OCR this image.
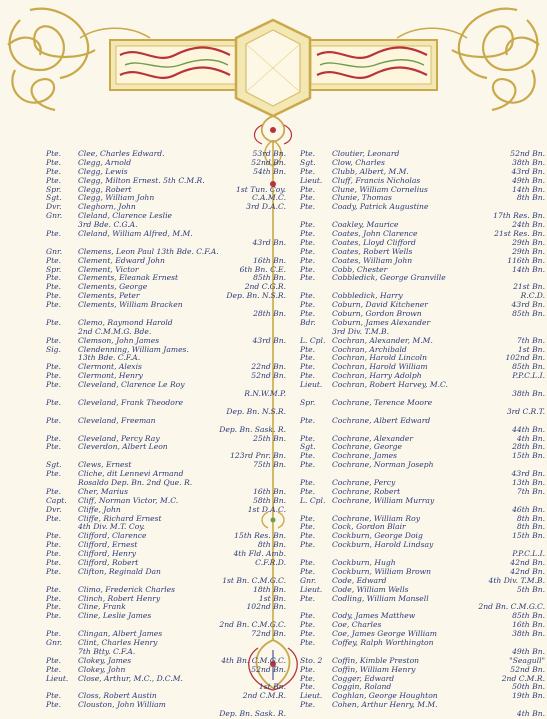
Pte.	Clee, Charles Edward.	53rd Bn.
Pte.	Clegg, Arnold	52nd Bn.
Pte.	Clegg, Lewis	54th Bn.
Pte.	Clegg, Milton Ernest. 5th C.M.R.
Spr.	Clegg, Robert	1st Tun. Coy.
Sgt.	Clegg, William John	C.A.M.C.
Dvr.	Cleghorn, John	3rd D.A.C.
Gnr.	Cleland, Clarence Leslie
3rd Bde. C.G.A.
Pte.	Cleland, William Alfred, M.M.
43rd Bn.
Gnr.	Clemens, Leon Paul 13th Bde. C.F.A.
Pte.	Clement, Edward John	16th Bn.
Spr.	Clement, Victor	6th Bn. C.E.
Pte.	Clements, Eleanak Ernest	85th Bn.
Pte.	Clements, George	2nd C.G.R.
Pte.	Clements, Peter	Dep. Bn. N.S.R.
Pte.	Clements, William Bracken
28th Bn.
Pte.	Clemo, Raymond Harold
2nd C.M.M.G. Bde.
Pte.	Clemson, John James	43rd Bn.
Sig.	Clendenning, William James.
13th Bde. C.F.A.
Pte.	Clermont, Alexis	22nd Bn.
Pte.	Clermont, Henry	52nd Bn.
Pte.	Cleveland, Clarence Le Roy
R.N.W.M.P.
Pte.	Cleveland, Frank Theodore
Dep. Bn. N.S.R.
Pte.	Cleveland, Freeman
Dep. Bn. Sask. R.
Pte.	Cleveland, Percy Ray	25th Bn.
Pte.	Cleverdon, Albert Leon
123rd Pnr. Bn.
Sgt.	Clews, Ernest	75th Bn.
Pte.	Cliche, dit Lennevi Armand
Rosaldo Dep. Bn. 2nd Que. R.
Pte.	Cher, Marius	16th Bn.
Capt.	Cliff, Norman Victor, M.C.	58th Bn.
Dvr.	Cliffe, John	1st D.A.C.
Pte.	Cliffe, Richard Ernest
4th Div. M.T. Coy.
Pte.	Clifford, Clarence	15th Res. Bn.
Pte.	Clifford, Ernest	8th Bn.
Pte.	Clifford, Henry	4th Fld. Amb.
Pte.	Clifford, Robert	C.F.R.D.
Pte.	Clifton, Reginald Dan
1st Bn. C.M.G.C.
Pte.	Climo, Frederick Charles	18th Bn.
Pte.	Clinch, Robert Henry	1st Bn.
Pte.	Cline, Frank	102nd Bn.
Pte.	Cline, Leslie James
2nd Bn. C.M.G.C.
Pte.	Clingan, Albert James	72nd Bn.
Gnr.	Clint, Charles Henry
7th Btty. C.F.A.
Pte.	Clokey, James	4th Bn. C.M.G.C.
Pte.	Clokey, John	52nd Bn.
Lieut.	Close, Arthur, M.C., D.C.M.
1st Bn.
Pte.	Closs, Robert Austin	2nd C.M.R.
Pte.	Clouston, John William
Dep. Bn. Sask. R.
Pte.	Cloutier, Leonard	52nd Bn.
Sgt.	Clow, Charles	38th Bn.
Pte.	Clubb, Albert, M.M.	43rd Bn.
Lieut.	Cluff, Francis Nicholas	49th Bn.
Pte.	Clune, William Cornelius	14th Bn.
Pte.	Clunie, Thomas	8th Bn.
Pte.	Coady, Patrick Augustine
17th Res. Bn.
Pte.	Coakley, Maurice	24th Bn.
Pte.	Coates, John Clarence	21st Res. Bn.
Pte.	Coates, Lloyd Clifford	29th Bn.
Pte.	Coates, Robert Wells	29th Bn.
Pte.	Coates, William John	116th Bn.
Pte.	Cobb, Chester	14th Bn.
Pte.	Cobbledick, George Granville
21st Bn.
Pte.	Cobbledick, Harry	R.C.D.
Pte.	Coburn, David Kitchener	43rd Bn.
Pte.	Coburn, Gordon Brown	85th Bn.
Bdr.	Coburn, James Alexander
3rd Div. T.M.B.
L. Cpl. Cochran, Alexander, M.M.	7th Bn.
Pte.	Cochran, Archibald	1st Bn.
Pte.	Cochran, Harold Lincoln	102nd Bn.
Pte.	Cochran, Harold William	85th Bn.
Pte.	Cochran, Harry Adolph	P.P.C.L.I.
Lieut.	Cochran, Robert Harvey, M.C.
38th Bn.
Spr.	Cochrane, Terence Moore
3rd C.R.T.
Pte.	Cochrane, Albert Edward
44th Bn.
Pte.	Cochrane, Alexander	4th Bn.
Sgt.	Cochrane, George	28th Bn.
Pte.	Cochrane, James	15th Bn.
Pte.	Cochrane, Norman Joseph
43rd Bn.
Pte.	Cochrane, Percy	13th Bn.
Pte.	Cochrane, Robert	7th Bn.
L. Cpl. Cochrane, William Murray
46th Bn.
Pte.	Cochrane, William Roy	8th Bn.
Pte.	Cock, Gordon Blair	8th Bn.
Pte.	Cockburn, George Doig	15th Bn.
Pte.	Cockburn, Harold Lindsay
P.P.C.L.I.
Pte.	Cockburn, Hugh	42nd Bn.
Pte.	Cockburn, William Brown	42nd Bn.
Gnr.	Code, Edward	4th Div. T.M.B.
Lieut.	Code, William Wells	5th Bn.
Pte.	Codling, William Mansell
2nd Bn. C.M.G.C.
Pte.	Cody, James Matthew	85th Bn.
Pte.	Coe, Charles	16th Bn.
Pte.	Coe, James George William	38th Bn.
Pte.	Coffey, Ralph Worthington
49th Bn.
Sto. 2	Coffin, Kimble Preston	"Seagull"
Pte.	Coffin, William Henry	52nd Bn.
Pte.	Cogger, Edward	2nd C.M.R.
Pte.	Coggin, Roland	50th Bn.
Lieut.	Coghlan, George Houghton	19th Bn.
Pte.	Cohen, Arthur Henry, M.M.
4th Bn.
